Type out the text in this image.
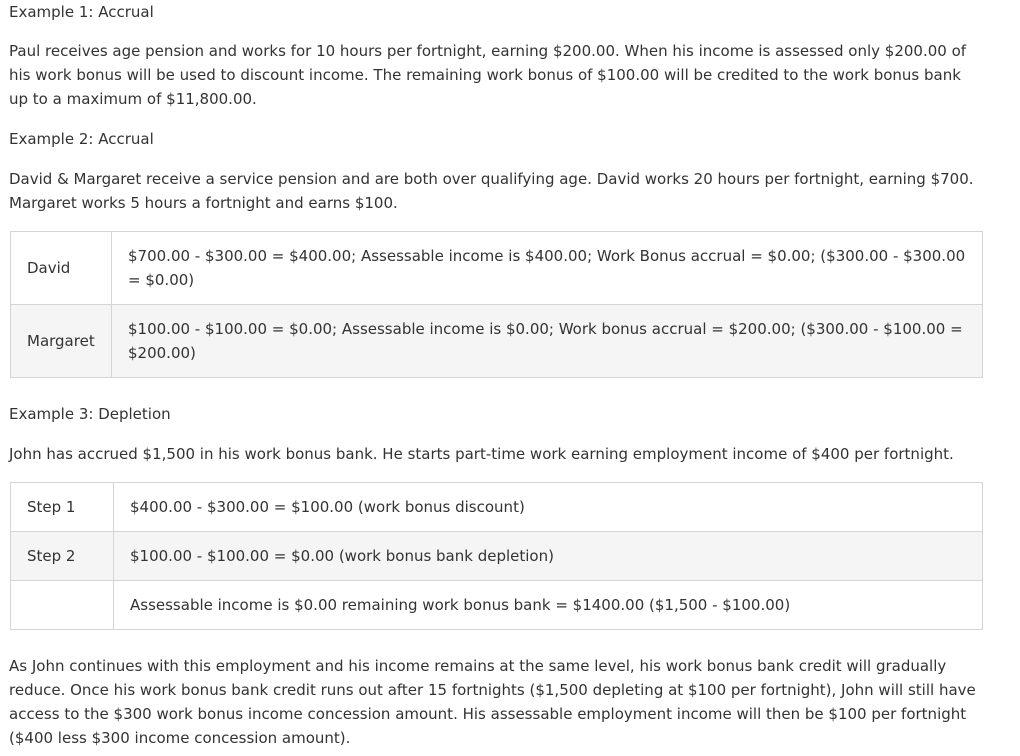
Example 1: Accrual
Paul receives age pension and works for 10 hours per fortnight, earning $200.00. When his income is assessed only $200.00 of his work bonus will be used to discount income. The remaining work bonus of $100.00 will be credited to the work bonus bank up to a maximum of $11,800.00.
Example 2: Accrual
David & Margaret receive a service pension and are both over qualifying age. David works 20 hours per fortnight, earning $700. Margaret works 5 hours a fortnight and earns $100.
David	$700.00 - $300.00 = $400.00; Assessable income is $400.00; Work Bonus accrual = $0.00; ($300.00 - $300.00 = $0.00)
Margaret	$100.00 - $100.00 = $0.00; Assessable income is $0.00; Work bonus accrual = $200.00; ($300.00 - $100.00 = $200.00)
Example 3: Depletion
John has accrued $1,500 in his work bonus bank. He starts part-time work earning employment income of $400 per fortnight.
Step 1	$400.00 - $300.00 = $100.00 (work bonus discount)
Step 2	$100.00 - $100.00 = $0.00 (work bonus bank depletion)
	Assessable income is $0.00 remaining work bonus bank = $1400.00 ($1,500 - $100.00)
As John continues with this employment and his income remains at the same level, his work bonus bank credit will gradually reduce. Once his work bonus bank credit runs out after 15 fortnights ($1,500 depleting at $100 per fortnight), John will still have access to the $300 work bonus income concession amount. His assessable employment income will then be $100 per fortnight ($400 less $300 income concession amount).
